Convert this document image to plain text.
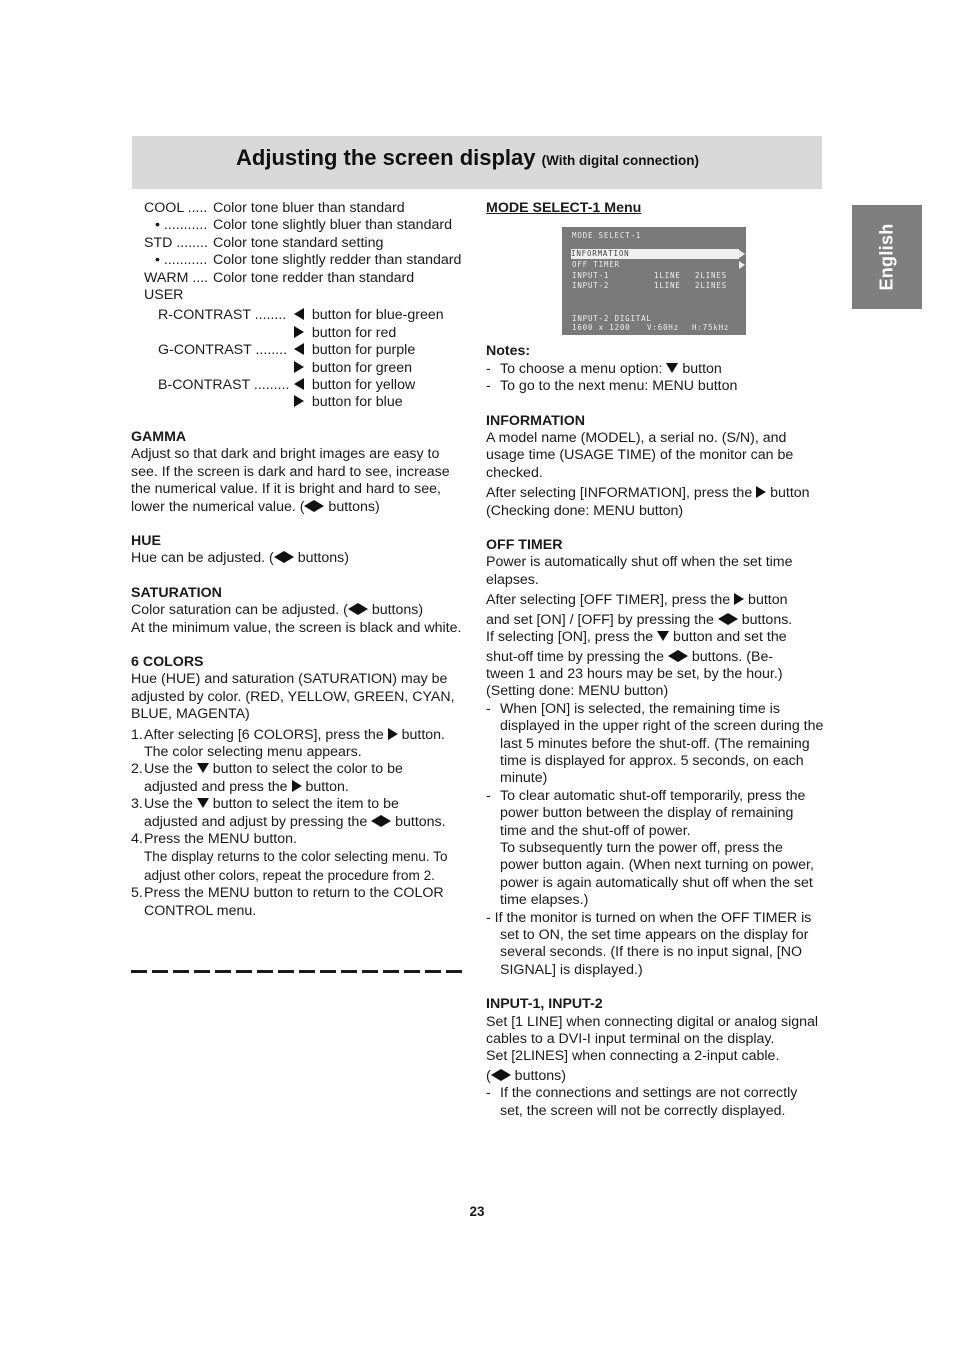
Adjusting the screen display (With digital connection)
English
COOL ..... Color tone bluer than standard
• ........... Color tone slightly bluer than standard
STD ........ Color tone standard setting
• ........... Color tone slightly redder than standard
WARM .... Color tone redder than standard
USER
R-CONTRAST ........	button for blue-green
button for red
G-CONTRAST ........	button for purple
button for green
B-CONTRAST .........	button for yellow
button for blue

GAMMA

Adjust so that dark and bright images are easy to see. If the screen is dark and hard to see, increase the numerical value. If it is bright and hard to see,

lower the numerical value. ( buttons)

HUE

Hue can be adjusted. ( buttons)

SATURATION

Color saturation can be adjusted. ( buttons)

At the minimum value, the screen is black and white.

6 COLORS

Hue (HUE) and saturation (SATURATION) may be adjusted by color. (RED, YELLOW, GREEN, CYAN, BLUE, MAGENTA)

1. After selecting [6 COLORS], press the  button.
The color selecting menu appears.
2. Use the  button to select the color to be
adjusted and press the  button.
3. Use the  button to select the item to be
adjusted and adjust by pressing the  buttons.
4. Press the MENU button.
The display returns to the color selecting menu. To adjust other colors, repeat the procedure from 2.
5. Press the MENU button to return to the COLOR CONTROL menu.

MODE SELECT-1 Menu

MODE SELECT-1
INFORMATION
OFF TIMER
INPUT-1	1LINE 2LINES
INPUT-2	1LINE 2LINES
INPUT-2 DIGITAL
1600 x 1200 V:60Hz H:75kHz

Notes:

- To choose a menu option:  button
- To go to the next menu: MENU button

INFORMATION

A model name (MODEL), a serial no. (S/N), and usage time (USAGE TIME) of the monitor can be checked.

After selecting [INFORMATION], press the  button
(Checking done: MENU button)

OFF TIMER

Power is automatically shut off when the set time elapses.

After selecting [OFF TIMER], press the  button

and set [ON] / [OFF] by pressing the  buttons.

If selecting [ON], press the  button and set the

shut-off time by pressing the  buttons. (Be-

tween 1 and 23 hours may be set, by the hour.)(Setting done: MENU button)

- When [ON] is selected, the remaining time is displayed in the upper right of the screen during the last 5 minutes before the shut-off. (The remaining time is displayed for approx. 5 seconds, on each minute)
- To clear automatic shut-off temporarily, press the power button between the display of remaining time and the shut-off of power.
To subsequently turn the power off, press the power button again. (When next turning on power, power is again automatically shut off when the set time elapses.)

- If the monitor is turned on when the OFF TIMER is set to ON, the set time appears on the display for several seconds. (If there is no input signal, [NO SIGNAL] is displayed.)

INPUT-1, INPUT-2

Set [1 LINE] when connecting digital or analog signal cables to a DVI-I input terminal on the display.

Set [2LINES] when connecting a 2-input cable.

( buttons)

- If the connections and settings are not correctly set, the screen will not be correctly displayed.
23
